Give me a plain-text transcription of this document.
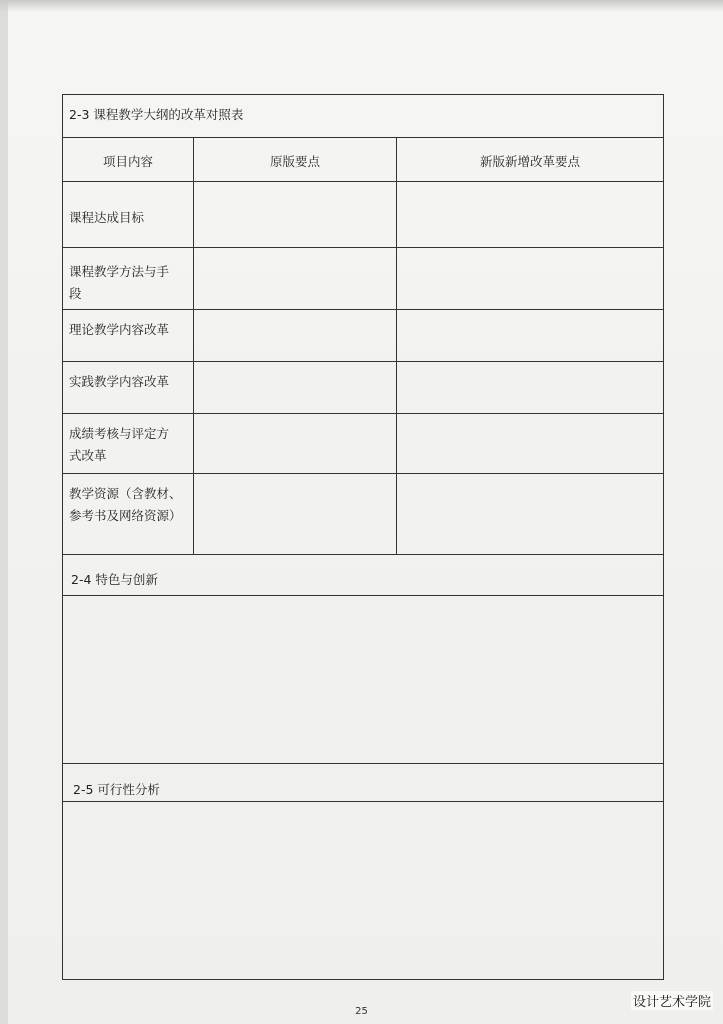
2-3 课程教学大纲的改革对照表
项目内容	原版要点	新版新增改革要点
课程达成目标
课程教学方法与手
段
理论教学内容改革
实践教学内容改革
成绩考核与评定方
式改革
教学资源（含教材、
参考书及网络资源）
2-4 特色与创新
2-5 可行性分析
25
设计艺术学院
